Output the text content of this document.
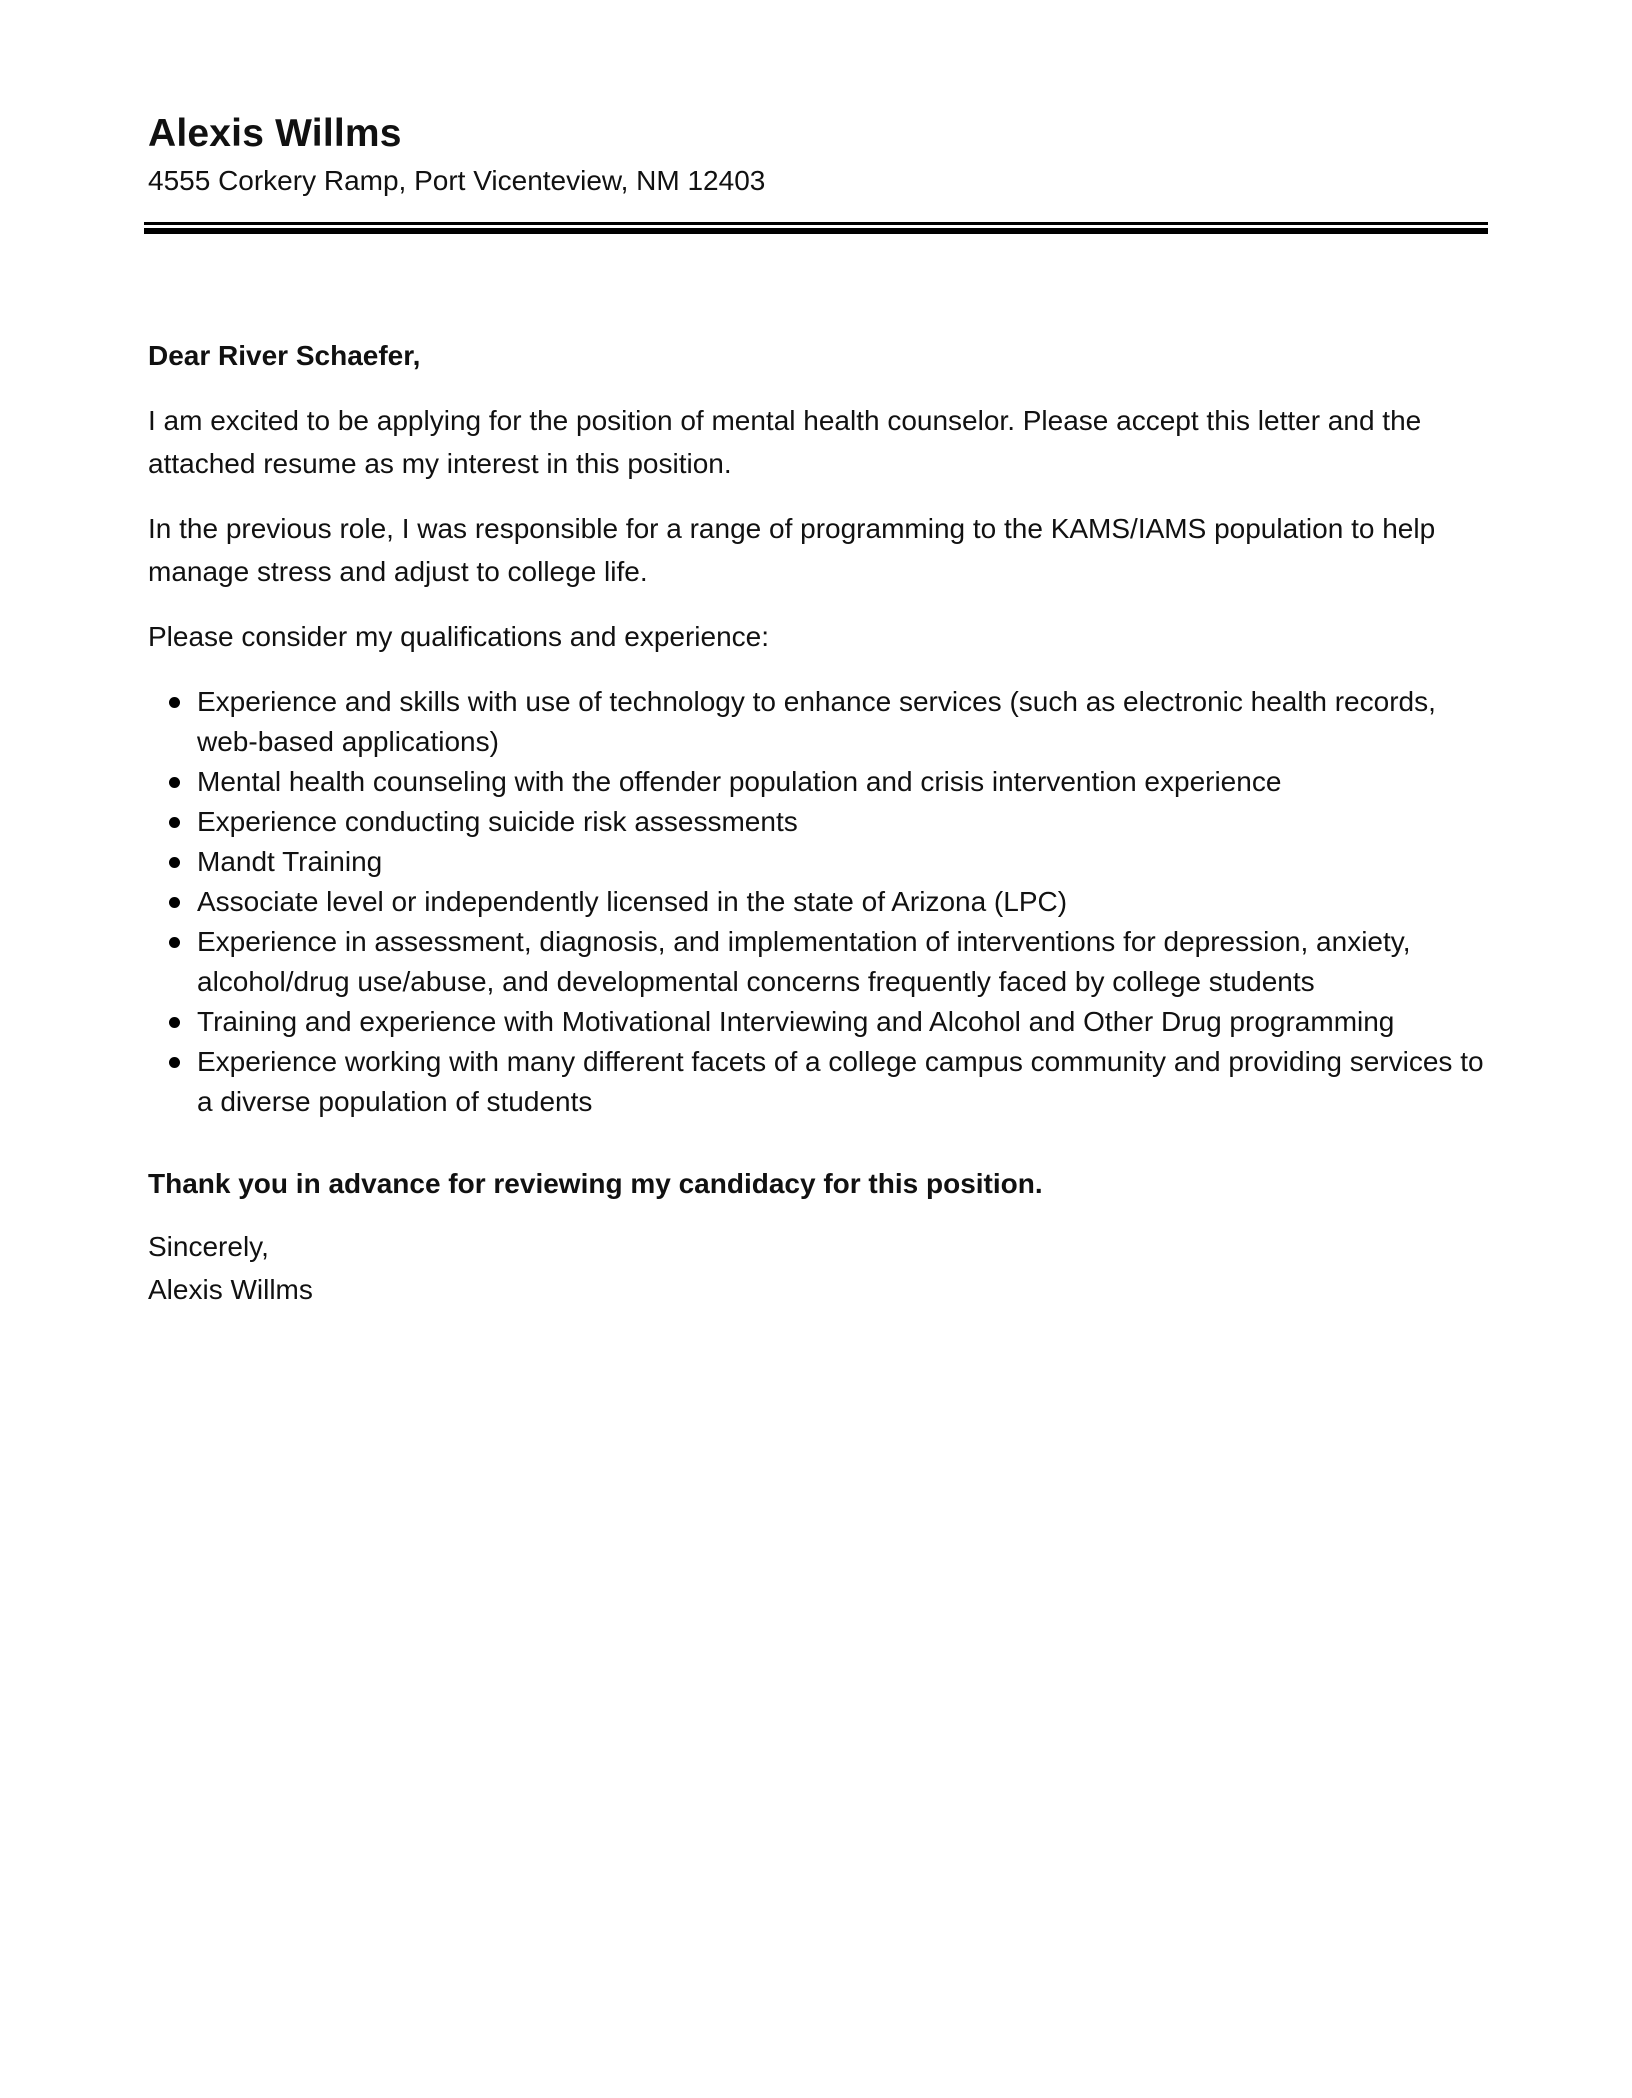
Alexis Willms
4555 Corkery Ramp, Port Vicenteview, NM 12403

Dear River Schaefer,

I am excited to be applying for the position of mental health counselor. Please accept this letter and the attached resume as my interest in this position.

In the previous role, I was responsible for a range of programming to the KAMS/IAMS population to help manage stress and adjust to college life.

Please consider my qualifications and experience:

Experience and skills with use of technology to enhance services (such as electronic health records, web-based applications)
Mental health counseling with the offender population and crisis intervention experience
Experience conducting suicide risk assessments
Mandt Training
Associate level or independently licensed in the state of Arizona (LPC)
Experience in assessment, diagnosis, and implementation of interventions for depression, anxiety, alcohol/drug use/abuse, and developmental concerns frequently faced by college students
Training and experience with Motivational Interviewing and Alcohol and Other Drug programming
Experience working with many different facets of a college campus community and providing services to a diverse population of students

Thank you in advance for reviewing my candidacy for this position.

Sincerely,

Alexis Willms
